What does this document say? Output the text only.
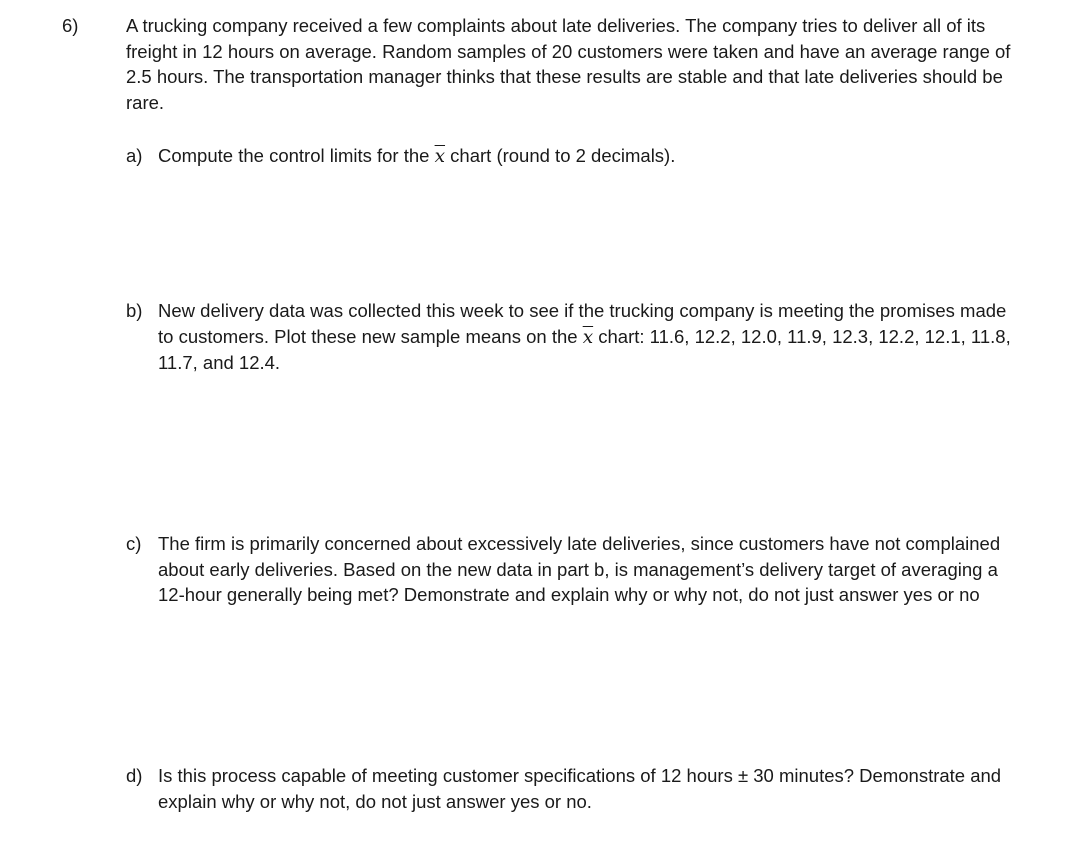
6)	A trucking company received a few complaints about late deliveries. The company tries to deliver all of its freight in 12 hours on average. Random samples of 20 customers were taken and have an average range of 2.5 hours. The transportation manager thinks that these results are stable and that late deliveries should be rare.

a) Compute the control limits for the $\overline{x}$ chart (round to 2 decimals).

b) New delivery data was collected this week to see if the trucking company is meeting the promises made to customers. Plot these new sample means on the $\overline{x}$ chart: 11.6, 12.2, 12.0, 11.9, 12.3, 12.2, 12.1, 11.8, 11.7, and 12.4.

c) The firm is primarily concerned about excessively late deliveries, since customers have not complained about early deliveries. Based on the new data in part b, is management’s delivery target of averaging a 12-hour generally being met? Demonstrate and explain why or why not, do not just answer yes or no

d) Is this process capable of meeting customer specifications of 12 hours ± 30 minutes? Demonstrate and explain why or why not, do not just answer yes or no.
